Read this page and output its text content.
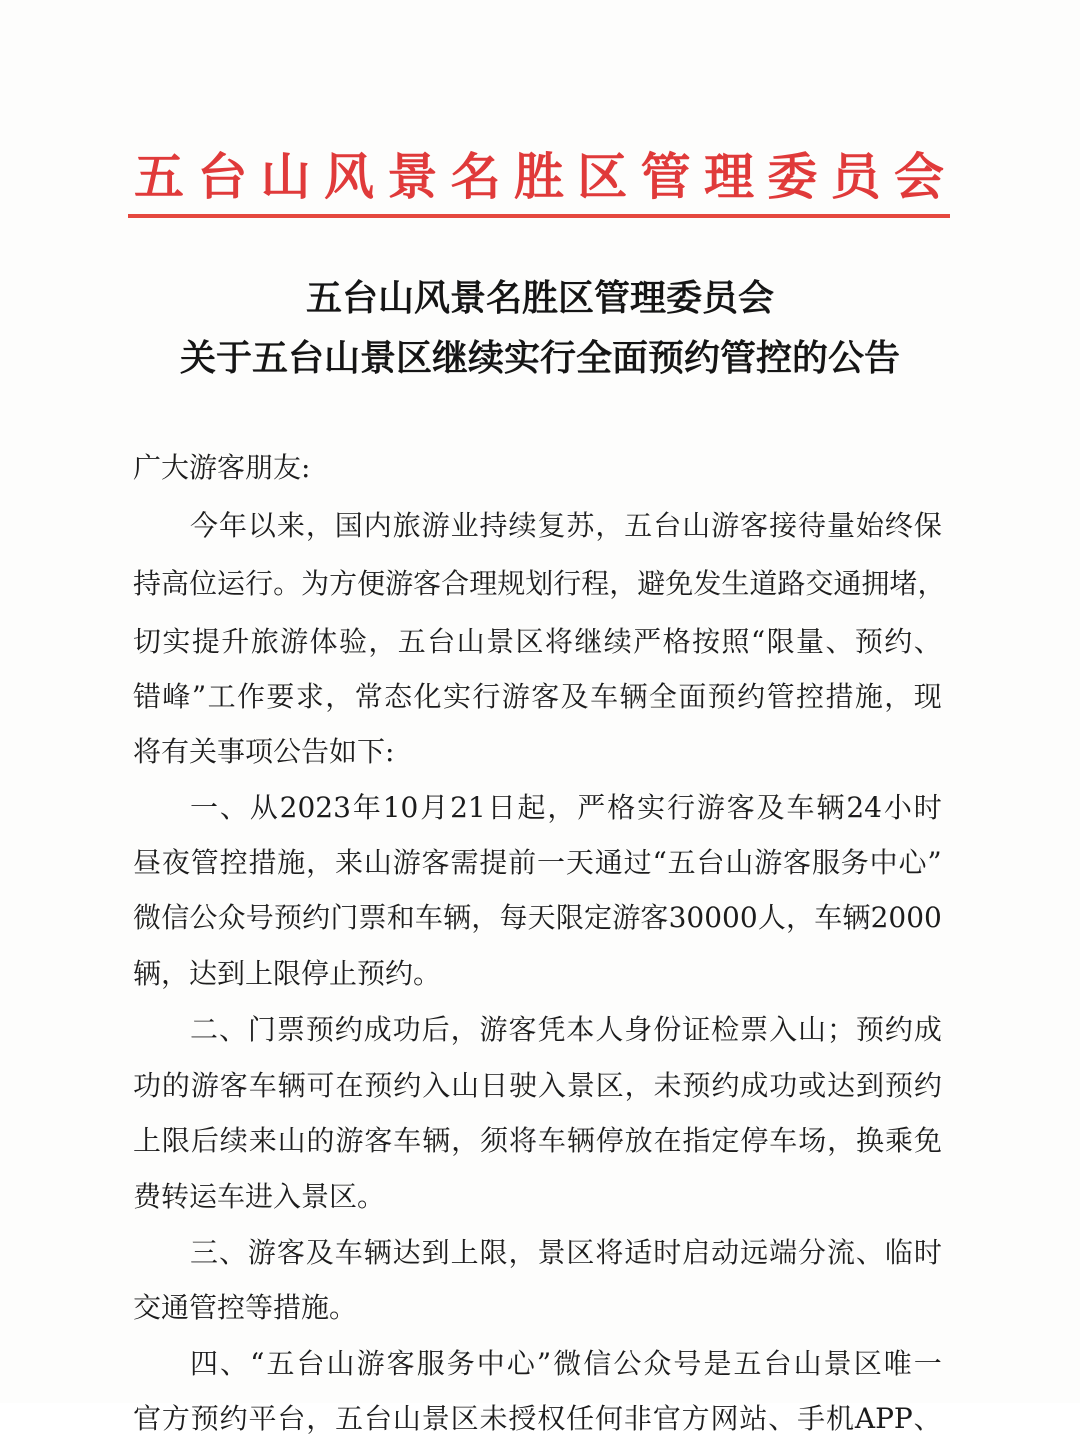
五 台 山 风 景 名 胜 区 管 理 委 员 会
五台山风景名胜区管理委员会
关于五台山景区继续实行全面预约管控的公告
广大游客朋友:
今 年 以 来 ， 国 内 旅 游 业 持 续 复 苏 ， 五 台 山 游 客 接 待 量 始 终 保
持 高 位 运 行 。 为 方 便 游 客 合 理 规 划 行 程 ， 避 免 发 生 道 路 交 通 拥 堵 ，
切 实 提 升 旅 游 体 验 ， 五 台 山 景 区 将 继 续 严 格 按 照 “ 限 量 、 预 约 、
错 峰 ” 工 作 要 求 ， 常 态 化 实 行 游 客 及 车 辆 全 面 预 约 管 控 措 施 ， 现
将有关事项公告如下:
一 、 从 2023 年 10 月 21 日 起 ， 严 格 实 行 游 客 及 车 辆 24 小 时
昼 夜 管 控 措 施 ， 来 山 游 客 需 提 前 一 天 通 过 “ 五 台 山 游 客 服 务 中 心 ”
微 信 公 众 号 预 约 门 票 和 车 辆 ， 每 天 限 定 游 客 30000 人 ， 车 辆 2000
辆，达到上限停止预约。
二 、 门 票 预 约 成 功 后 ， 游 客 凭 本 人 身 份 证 检 票 入 山 ； 预 约 成
功 的 游 客 车 辆 可 在 预 约 入 山 日 驶 入 景 区 ， 未 预 约 成 功 或 达 到 预 约
上 限 后 续 来 山 的 游 客 车 辆 ， 须 将 车 辆 停 放 在 指 定 停 车 场 ， 换 乘 免
费转运车进入景区。
三 、 游 客 及 车 辆 达 到 上 限 ， 景 区 将 适 时 启 动 远 端 分 流 、 临 时
交通管控等措施。
四 、 “ 五 台 山 游 客 服 务 中 心 ” 微 信 公 众 号 是 五 台 山 景 区 唯 一
官 方 预 约 平 台 ， 五 台 山 景 区 未 授 权 任 何 非 官 方 网 站 、 手 机 APP 、
